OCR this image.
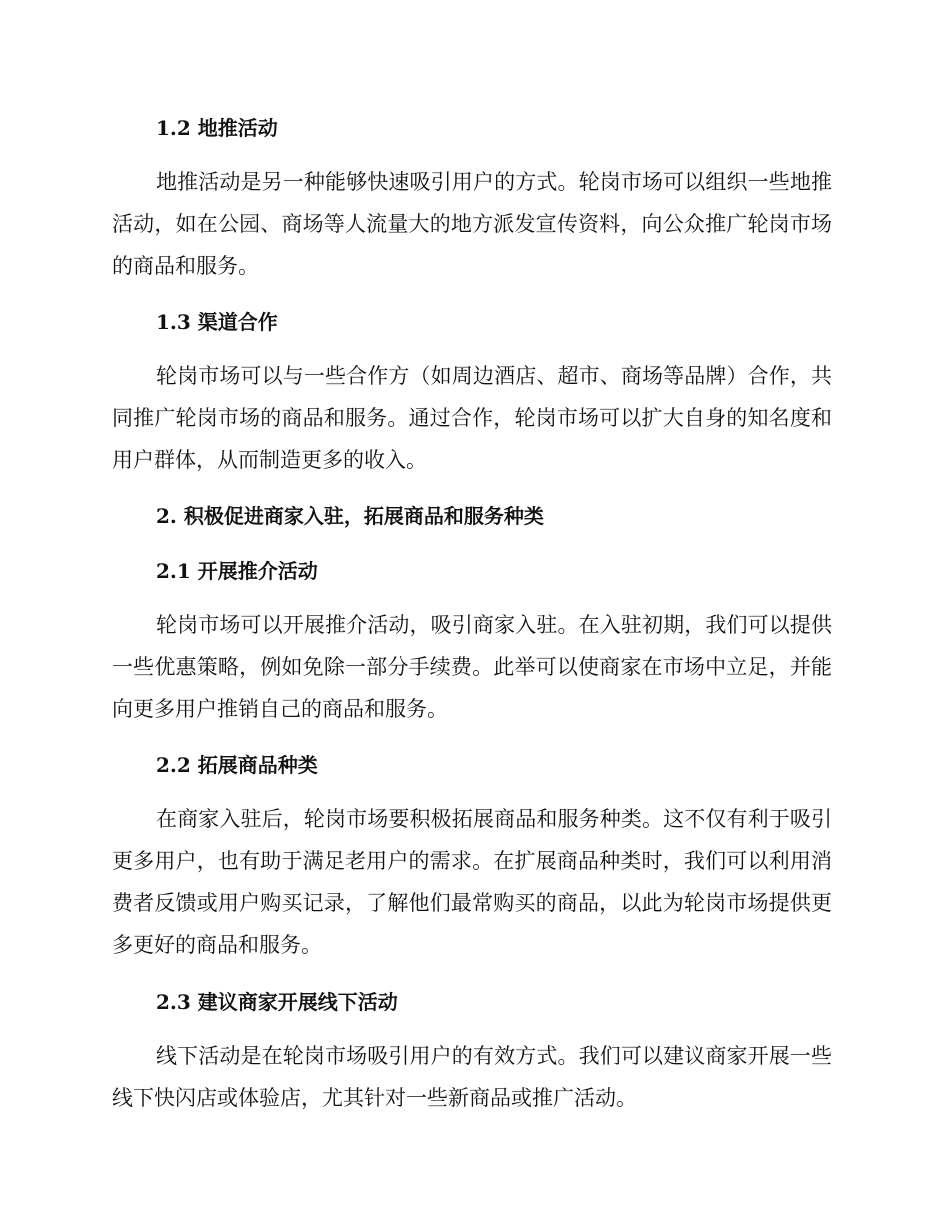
1.2 地推活动
地推活动是另一种能够快速吸引用户的方式。轮岗市场可以组织一些地推活动，如在公园、商场等人流量大的地方派发宣传资料，向公众推广轮岗市场的商品和服务。
1.3 渠道合作
轮岗市场可以与一些合作方（如周边酒店、超市、商场等品牌）合作，共同推广轮岗市场的商品和服务。通过合作，轮岗市场可以扩大自身的知名度和用户群体，从而制造更多的收入。
2. 积极促进商家入驻，拓展商品和服务种类
2.1 开展推介活动
轮岗市场可以开展推介活动，吸引商家入驻。在入驻初期，我们可以提供一些优惠策略，例如免除一部分手续费。此举可以使商家在市场中立足，并能向更多用户推销自己的商品和服务。
2.2 拓展商品种类
在商家入驻后，轮岗市场要积极拓展商品和服务种类。这不仅有利于吸引更多用户，也有助于满足老用户的需求。在扩展商品种类时，我们可以利用消费者反馈或用户购买记录，了解他们最常购买的商品，以此为轮岗市场提供更多更好的商品和服务。
2.3 建议商家开展线下活动
线下活动是在轮岗市场吸引用户的有效方式。我们可以建议商家开展一些线下快闪店或体验店，尤其针对一些新商品或推广活动。
